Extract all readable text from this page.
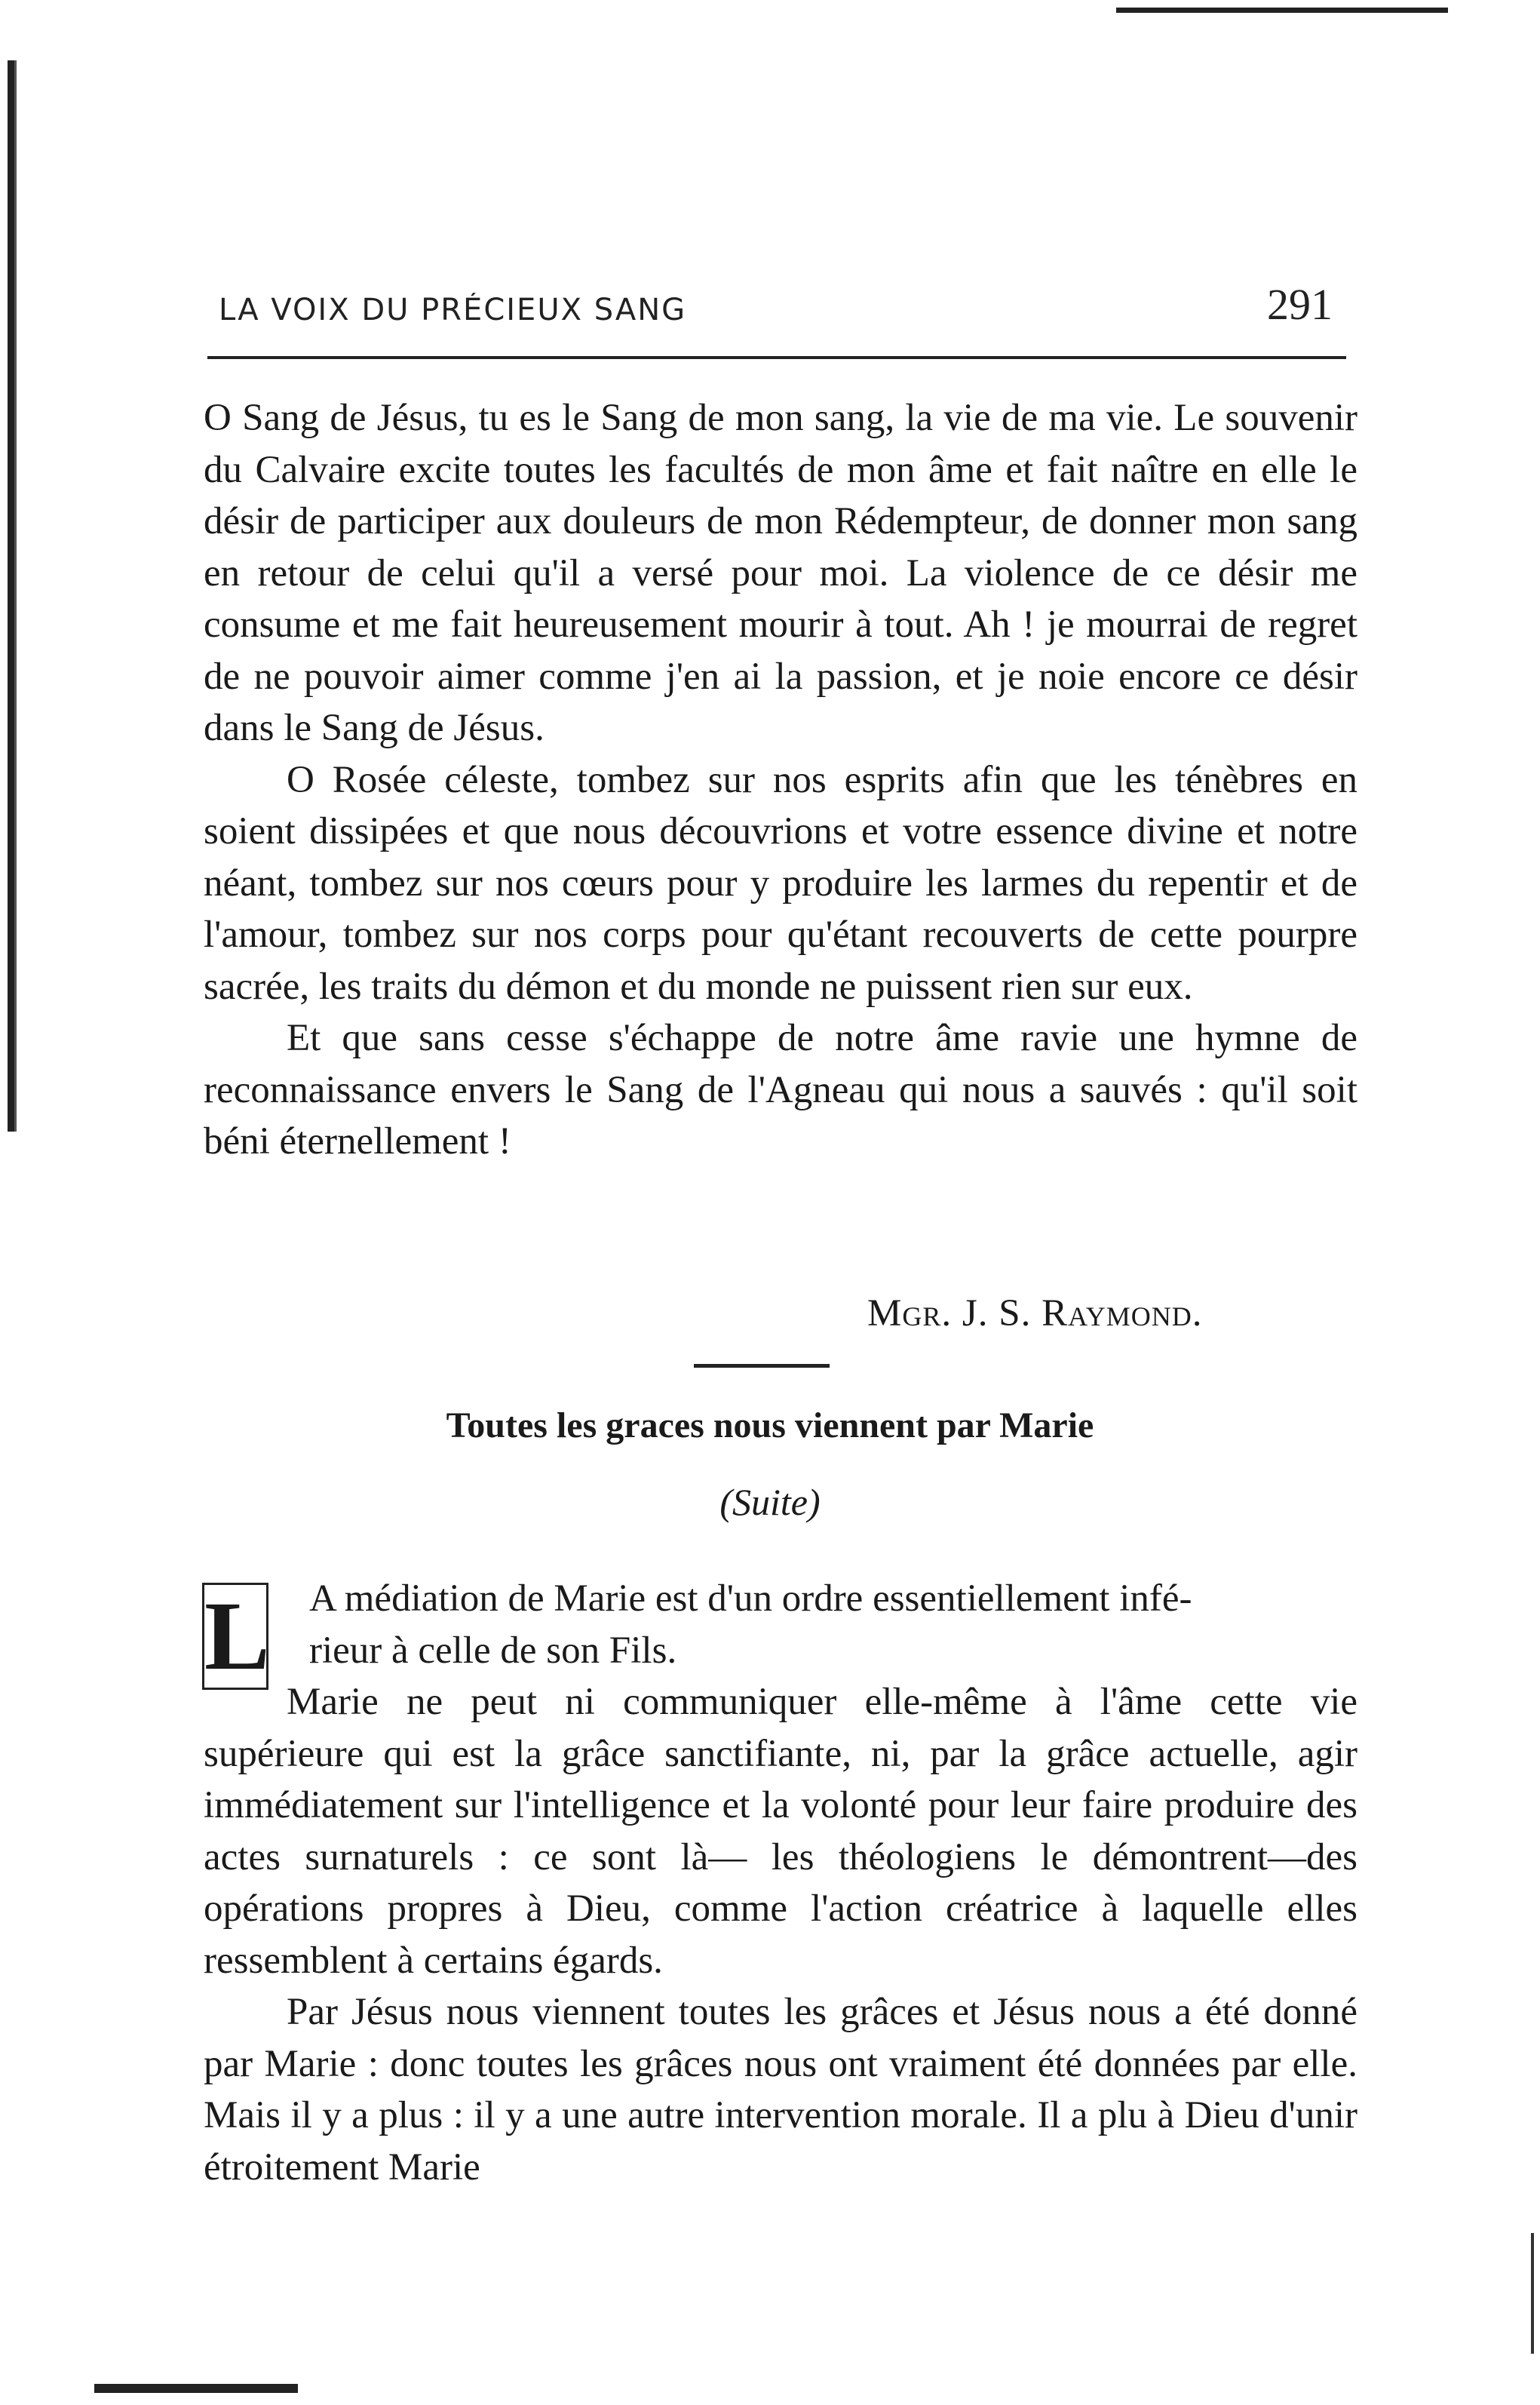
LA VOIX DU PRÉCIEUX SANG	291

O Sang de Jésus, tu es le Sang de mon sang, la vie de ma vie. Le souvenir du Calvaire excite toutes les facultés de mon âme et fait naître en elle le désir de participer aux douleurs de mon Rédempteur, de donner mon sang en retour de celui qu'il a versé pour moi. La violence de ce désir me consume et me fait heureusement mourir à tout. Ah ! je mourrai de regret de ne pouvoir aimer comme j'en ai la passion, et je noie encore ce désir dans le Sang de Jésus.

O Rosée céleste, tombez sur nos esprits afin que les ténèbres en soient dissipées et que nous découvrions et votre essence divine et notre néant, tombez sur nos cœurs pour y produire les larmes du repentir et de l'amour, tombez sur nos corps pour qu'étant recouverts de cette pourpre sacrée, les traits du démon et du monde ne puissent rien sur eux.

Et que sans cesse s'échappe de notre âme ravie une hymne de reconnaissance envers le Sang de l'Agneau qui nous a sauvés : qu'il soit béni éternellement !

Mgr. J. S. Raymond.
Toutes les graces nous viennent par Marie
(Suite)
L	A médiation de Marie est d'un ordre essentiellement infé-

rieur à celle de son Fils.

Marie ne peut ni communiquer elle-même à l'âme cette vie supérieure qui est la grâce sanctifiante, ni, par la grâce actuelle, agir immédiatement sur l'intelligence et la volonté pour leur faire produire des actes surnaturels : ce sont là— les théologiens le démontrent—des opérations propres à Dieu, comme l'action créatrice à laquelle elles ressemblent à certains égards.

Par Jésus nous viennent toutes les grâces et Jésus nous a été donné par Marie : donc toutes les grâces nous ont vraiment été données par elle. Mais il y a plus : il y a une autre intervention morale. Il a plu à Dieu d'unir étroitement Marie
